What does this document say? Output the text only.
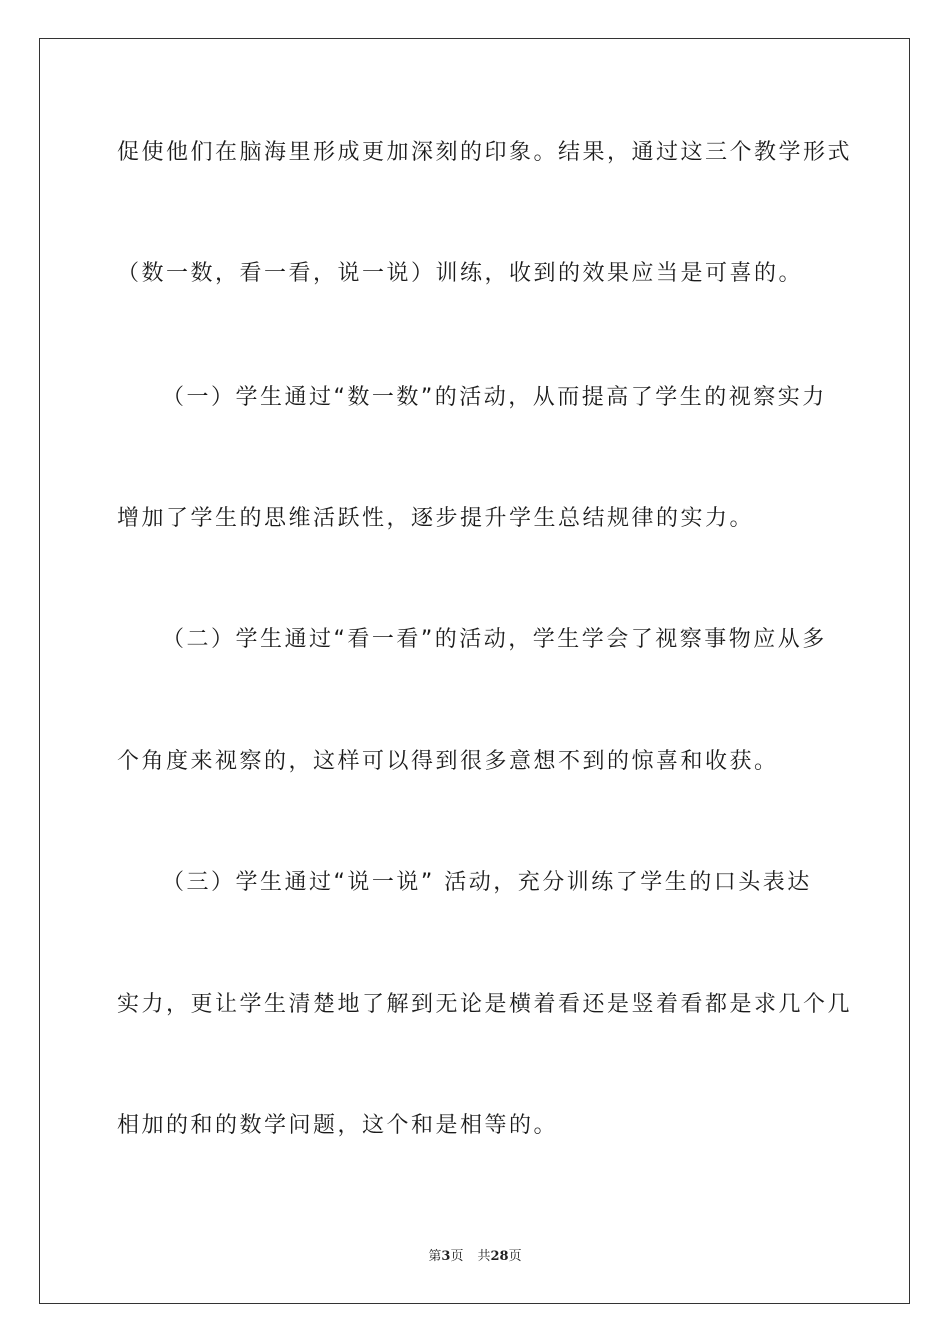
促使他们在脑海里形成更加深刻的印象。结果，通过这三个教学形式
（数一数，看一看，说一说）训练，收到的效果应当是可喜的。
（一）学生通过“数一数”的活动，从而提高了学生的视察实力
增加了学生的思维活跃性，逐步提升学生总结规律的实力。
（二）学生通过“看一看”的活动，学生学会了视察事物应从多
个角度来视察的，这样可以得到很多意想不到的惊喜和收获。
（三）学生通过“说一说” 活动，充分训练了学生的口头表达
实力，更让学生清楚地了解到无论是横着看还是竖着看都是求几个几
相加的和的数学问题，这个和是相等的。
第3页 共28页
